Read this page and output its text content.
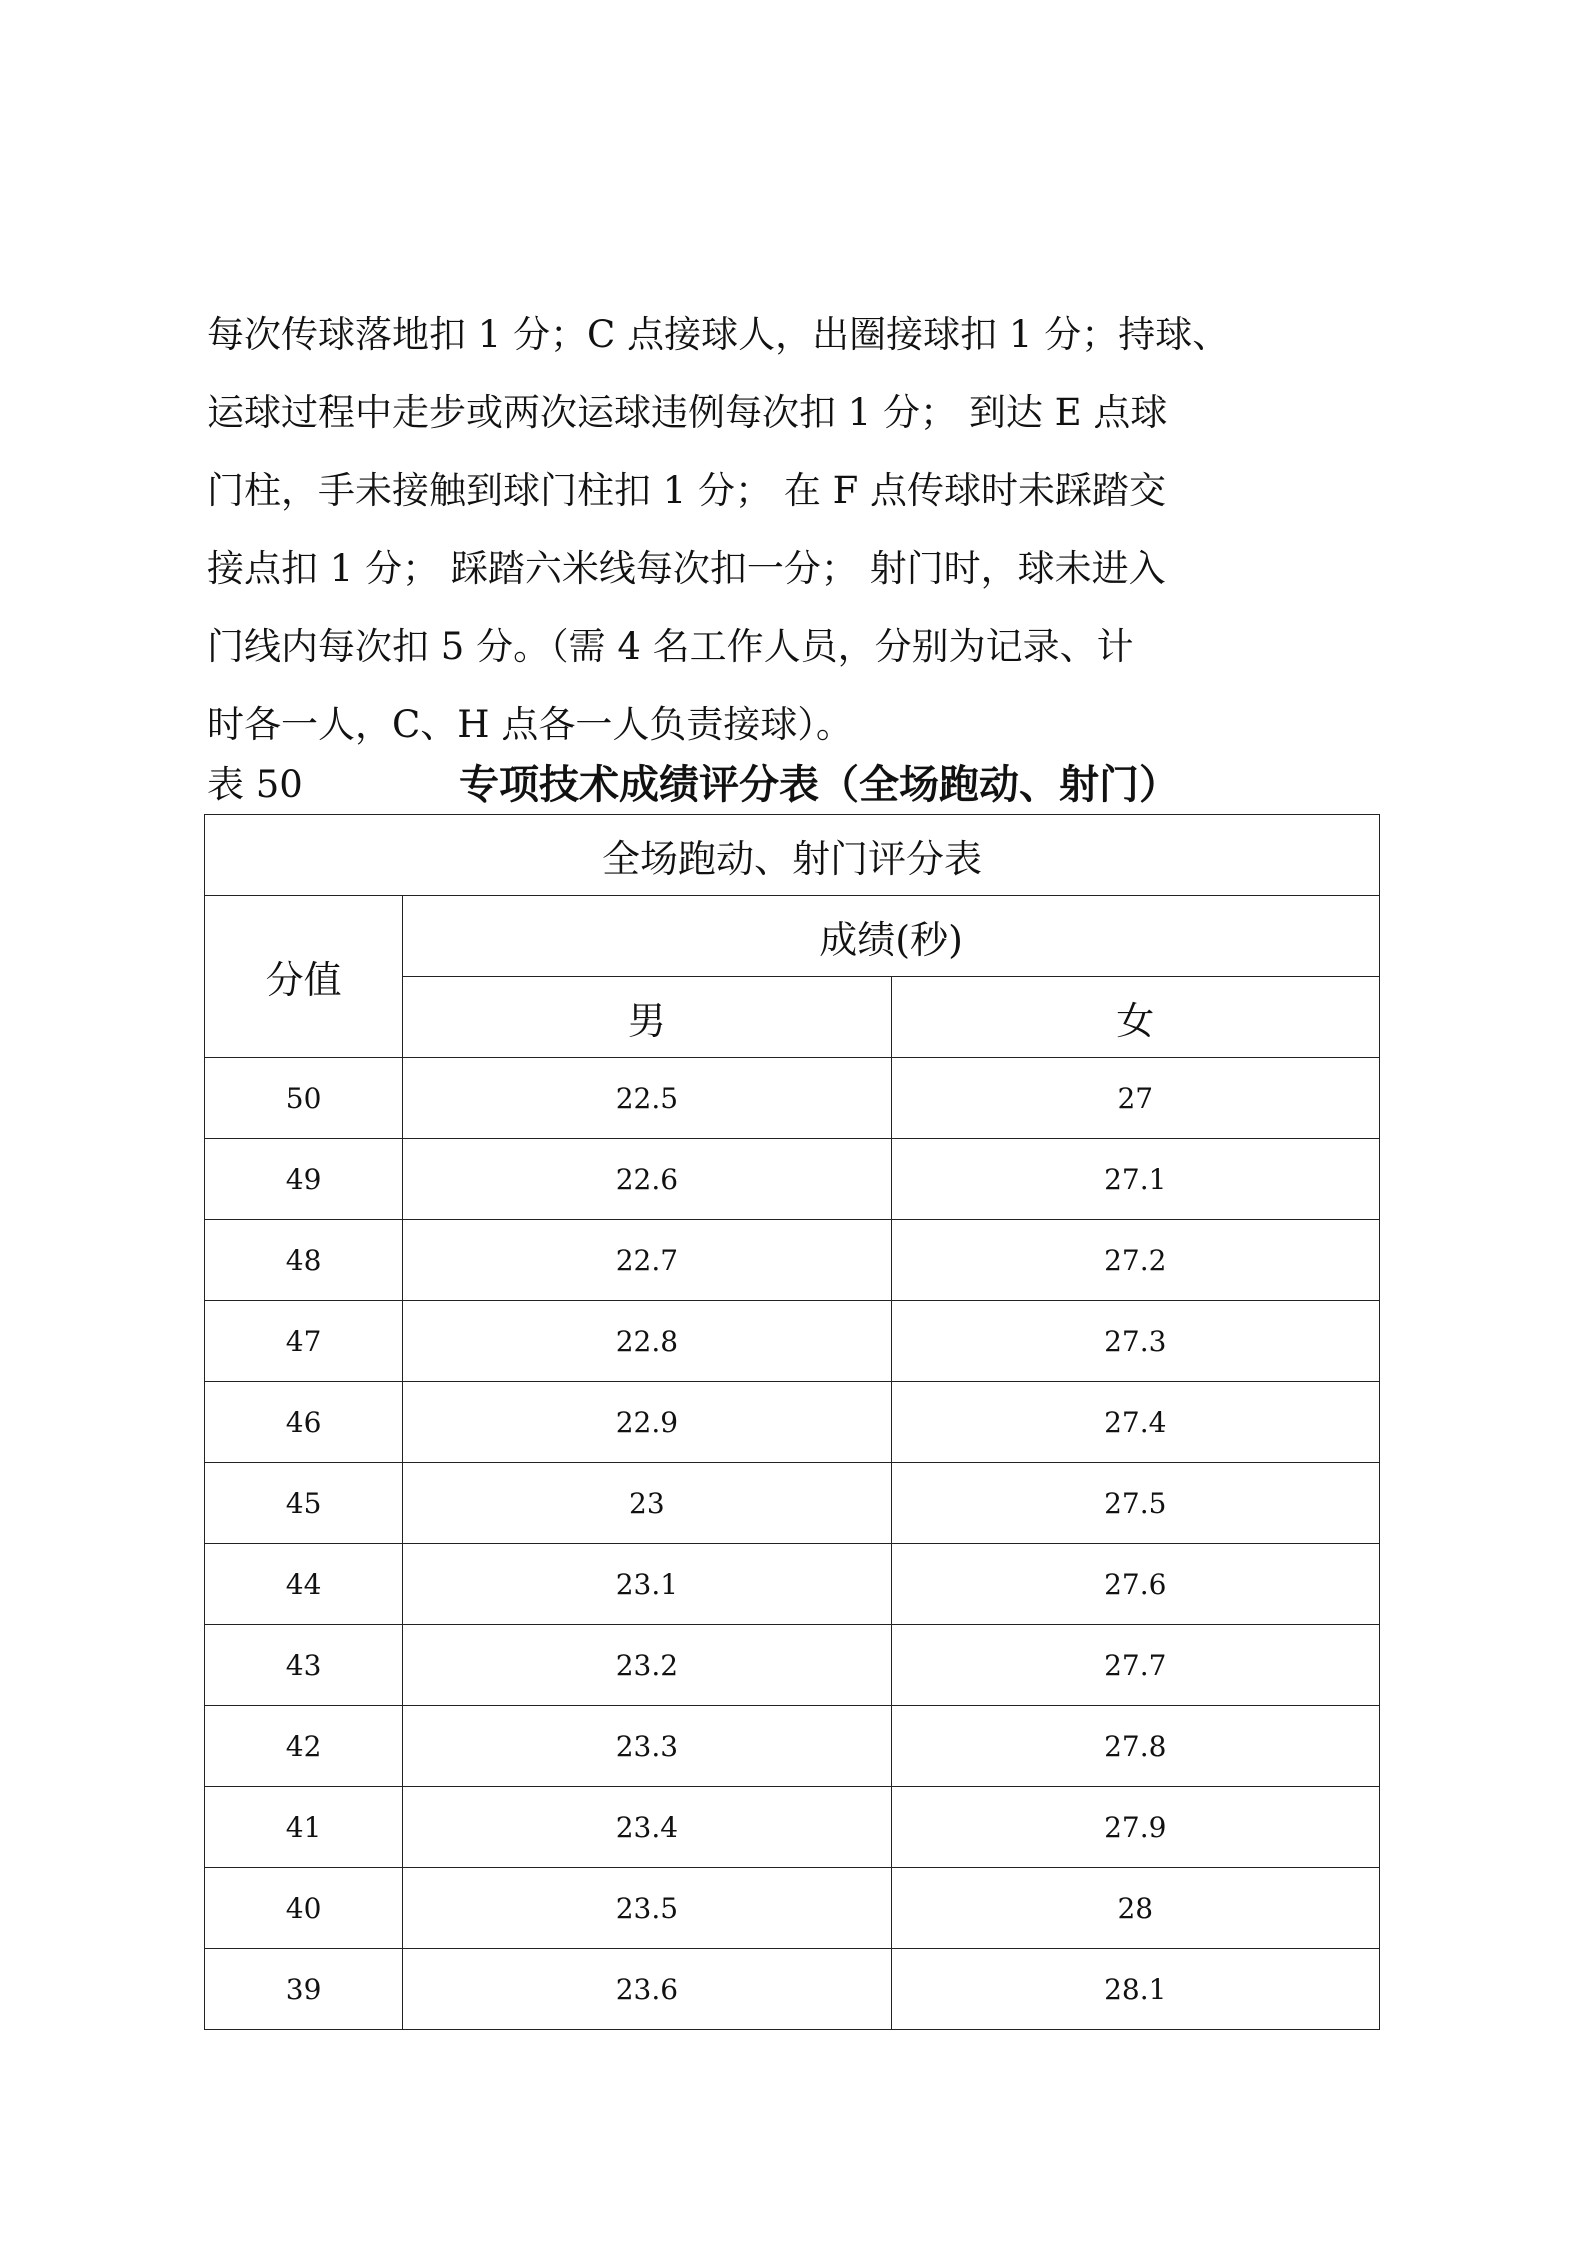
每次传球落地扣 1 分；C 点接球人，出圈接球扣 1 分；持球、
运球过程中走步或两次运球违例每次扣 1 分； 到达 E 点球
门柱，手未接触到球门柱扣 1 分； 在 F 点传球时未踩踏交
接点扣 1 分； 踩踏六米线每次扣一分； 射门时，球未进入
门线内每次扣 5 分。（需 4 名工作人员，分别为记录、计
时各一人，C、H 点各一人负责接球）。
表 50	专项技术成绩评分表（全场跑动、射门）
全场跑动、射门评分表		
分值	成绩(秒)	
	男	女
50	22.5	27
49	22.6	27.1
48	22.7	27.2
47	22.8	27.3
46	22.9	27.4
45	23	27.5
44	23.1	27.6
43	23.2	27.7
42	23.3	27.8
41	23.4	27.9
40	23.5	28
39	23.6	28.1
